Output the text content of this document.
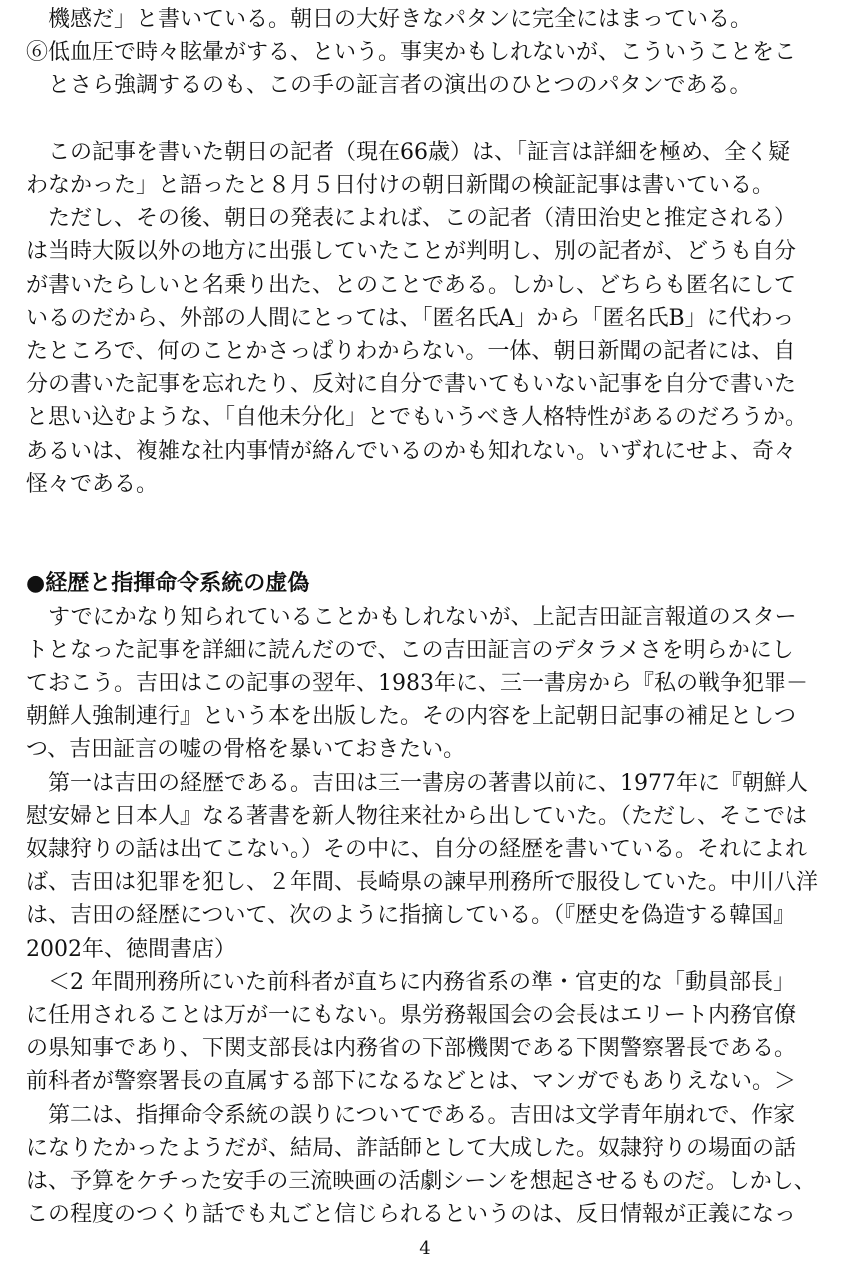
　機感だ」と書いている。朝日の大好きなパタンに完全にはまっている。
⑥低血圧で時々眩暈がする、という。事実かもしれないが、こういうことをこ
　とさら強調するのも、この手の証言者の演出のひとつのパタンである。
　この記事を書いた朝日の記者（現在66歳）は、「証言は詳細を極め、全く疑
わなかった」と語ったと８月５日付けの朝日新聞の検証記事は書いている。
　ただし、その後、朝日の発表によれば、この記者（清田治史と推定される）
は当時大阪以外の地方に出張していたことが判明し、別の記者が、どうも自分
が書いたらしいと名乗り出た、とのことである。しかし、どちらも匿名にして
いるのだから、外部の人間にとっては、「匿名氏A」から「匿名氏B」に代わっ
たところで、何のことかさっぱりわからない。一体、朝日新聞の記者には、自
分の書いた記事を忘れたり、反対に自分で書いてもいない記事を自分で書いた
と思い込むような、「自他未分化」とでもいうべき人格特性があるのだろうか。
あるいは、複雑な社内事情が絡んでいるのかも知れない。いずれにせよ、奇々
怪々である。
●経歴と指揮命令系統の虚偽
　すでにかなり知られていることかもしれないが、上記吉田証言報道のスター
トとなった記事を詳細に読んだので、この吉田証言のデタラメさを明らかにし
ておこう。吉田はこの記事の翌年、1983年に、三一書房から『私の戦争犯罪－
朝鮮人強制連行』という本を出版した。その内容を上記朝日記事の補足としつ
つ、吉田証言の嘘の骨格を暴いておきたい。
　第一は吉田の経歴である。吉田は三一書房の著書以前に、1977年に『朝鮮人
慰安婦と日本人』なる著書を新人物往来社から出していた。（ただし、そこでは
奴隷狩りの話は出てこない。）その中に、自分の経歴を書いている。それによれ
ば、吉田は犯罪を犯し、２年間、長崎県の諫早刑務所で服役していた。中川八洋
は、吉田の経歴について、次のように指摘している。（『歴史を偽造する韓国』
2002年、徳間書店）
　＜2 年間刑務所にいた前科者が直ちに内務省系の準・官吏的な「動員部長」
に任用されることは万が一にもない。県労務報国会の会長はエリート内務官僚
の県知事であり、下関支部長は内務省の下部機関である下関警察署長である。
前科者が警察署長の直属する部下になるなどとは、マンガでもありえない。＞
　第二は、指揮命令系統の誤りについてである。吉田は文学青年崩れで、作家
になりたかったようだが、結局、詐話師として大成した。奴隷狩りの場面の話
は、予算をケチった安手の三流映画の活劇シーンを想起させるものだ。しかし、
この程度のつくり話でも丸ごと信じられるというのは、反日情報が正義になっ
4
